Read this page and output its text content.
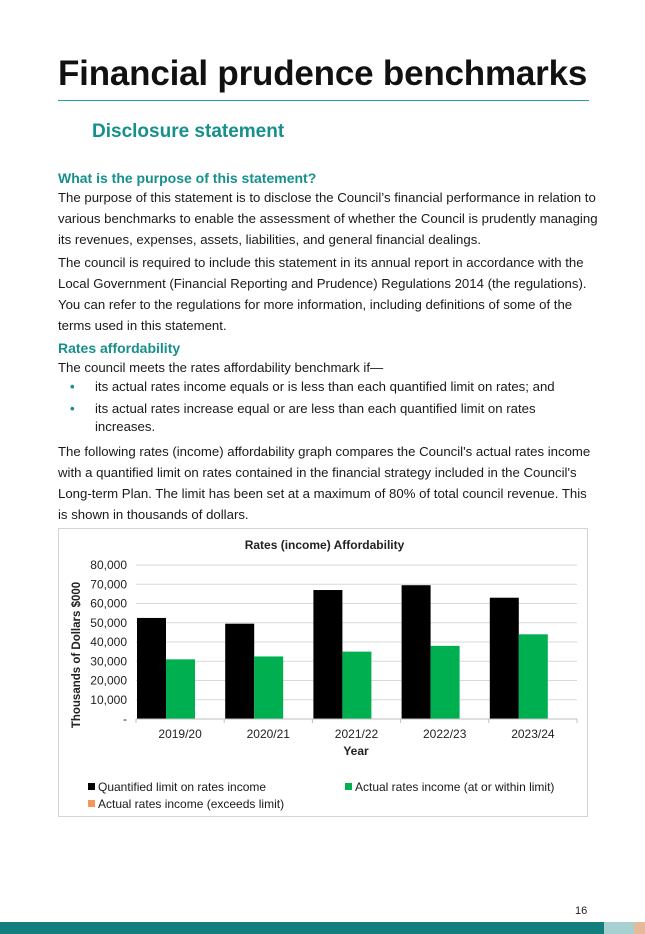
Financial prudence benchmarks
Disclosure statement
What is the purpose of this statement?

The purpose of this statement is to disclose the Council’s financial performance in relation to various benchmarks to enable the assessment of whether the Council is prudently managing its revenues, expenses, assets, liabilities, and general financial dealings.

The council is required to include this statement in its annual report in accordance with the Local Government (Financial Reporting and Prudence) Regulations 2014 (the regulations). You can refer to the regulations for more information, including definitions of some of the terms used in this statement.

Rates affordability

The council meets the rates affordability benchmark if—

• its actual rates income equals or is less than each quantified limit on rates; and
• its actual rates increase equal or are less than each quantified limit on rates increases.

The following rates (income) affordability graph compares the Council's actual rates income with a quantified limit on rates contained in the financial strategy included in the Council's Long-term Plan. The limit has been set at a maximum of 80% of total council revenue. This is shown in thousands of dollars.

Rates (income) Affordability
-
10,000
20,000
30,000
40,000
50,000
60,000
70,000
80,000
Thousands of Dollars $000
2019/20	2020/21	2021/22	2022/23	2023/24
Year
Quantified limit on rates income	Actual rates income (at or within limit)
Actual rates income (exceeds limit)
16
